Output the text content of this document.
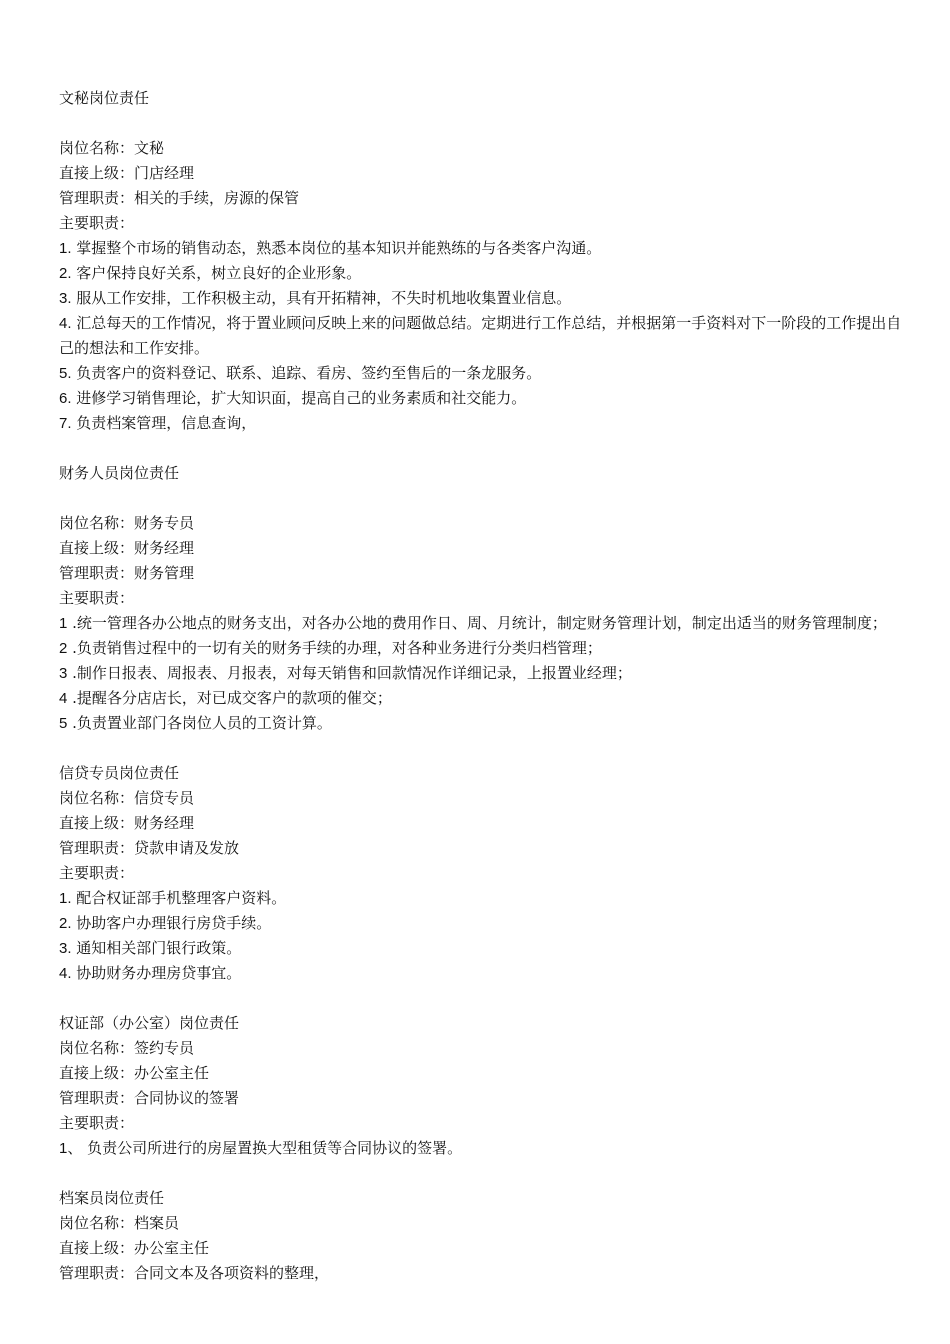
文秘岗位责任

岗位名称：文秘

直接上级：门店经理

管理职责：相关的手续，房源的保管

主要职责：

1. 掌握整个市场的销售动态，熟悉本岗位的基本知识并能熟练的与各类客户沟通。

2. 客户保持良好关系，树立良好的企业形象。

3. 服从工作安排，工作积极主动，具有开拓精神，不失时机地收集置业信息。

4. 汇总每天的工作情况，将于置业顾问反映上来的问题做总结。定期进行工作总结，并根据第一手资料对下一阶段的工作提出自己的想法和工作安排。

5. 负责客户的资料登记、联系、追踪、看房、签约至售后的一条龙服务。

6. 进修学习销售理论，扩大知识面，提高自己的业务素质和社交能力。

7. 负责档案管理，信息查询，

财务人员岗位责任

岗位名称：财务专员

直接上级：财务经理

管理职责：财务管理

主要职责：

1 .统一管理各办公地点的财务支出，对各办公地的费用作日、周、月统计，制定财务管理计划，制定出适当的财务管理制度；

2 .负责销售过程中的一切有关的财务手续的办理，对各种业务进行分类归档管理；

3 .制作日报表、周报表、月报表，对每天销售和回款情况作详细记录，上报置业经理；

4 .提醒各分店店长，对已成交客户的款项的催交；

5 .负责置业部门各岗位人员的工资计算。

信贷专员岗位责任

岗位名称：信贷专员

直接上级：财务经理

管理职责：贷款申请及发放

主要职责：

1. 配合权证部手机整理客户资料。

2. 协助客户办理银行房贷手续。

3. 通知相关部门银行政策。

4. 协助财务办理房贷事宜。

权证部（办公室）岗位责任

岗位名称：签约专员

直接上级：办公室主任

管理职责：合同协议的签署

主要职责：

1、 负责公司所进行的房屋置换大型租赁等合同协议的签署。

档案员岗位责任

岗位名称：档案员

直接上级：办公室主任

管理职责：合同文本及各项资料的整理，
